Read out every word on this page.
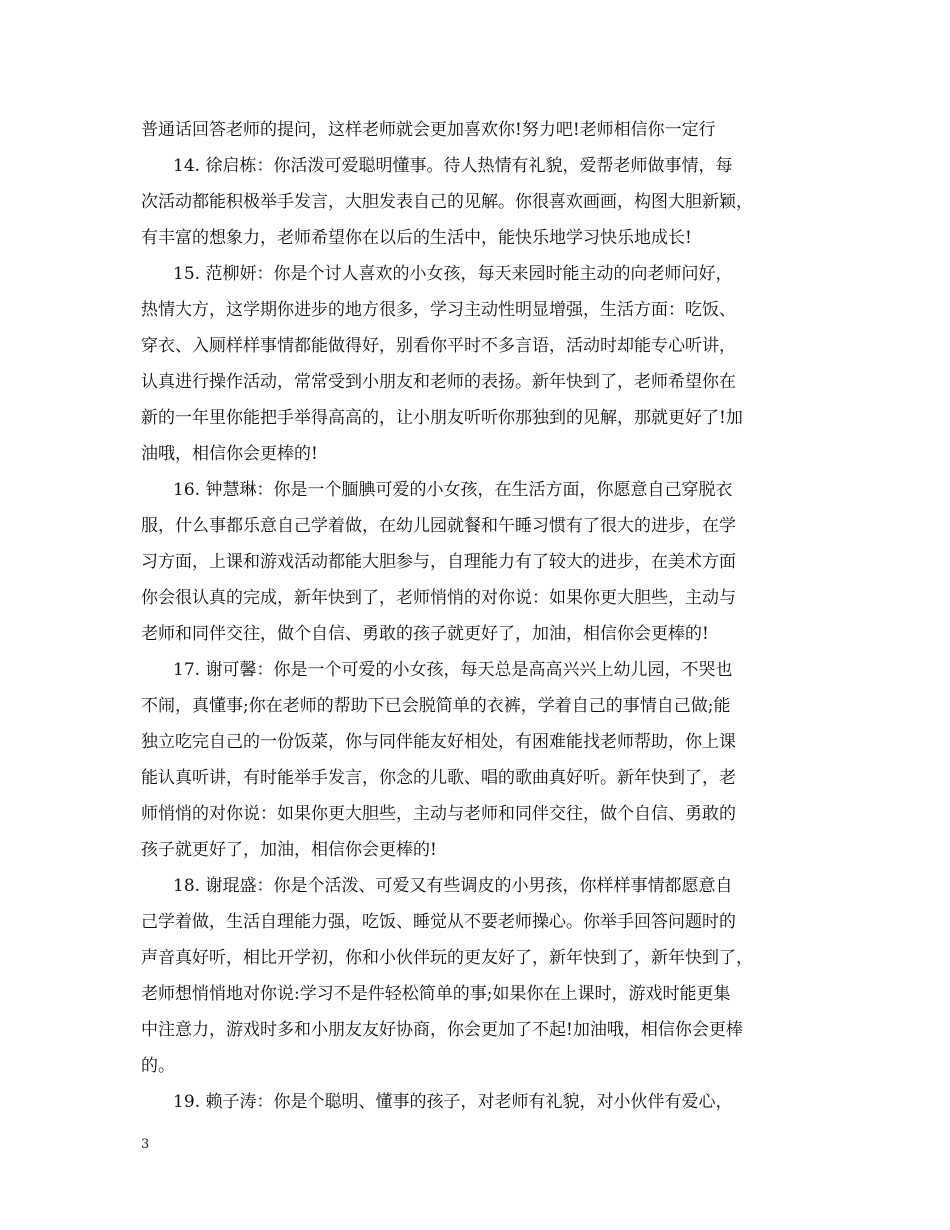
普通话回答老师的提问，这样老师就会更加喜欢你!努力吧!老师相信你一定行
14. 徐启栋：你活泼可爱聪明懂事。待人热情有礼貌，爱帮老师做事情，每
次活动都能积极举手发言，大胆发表自己的见解。你很喜欢画画，构图大胆新颖，
有丰富的想象力，老师希望你在以后的生活中，能快乐地学习快乐地成长!
15. 范柳妍：你是个讨人喜欢的小女孩，每天来园时能主动的向老师问好，
热情大方，这学期你进步的地方很多，学习主动性明显增强，生活方面：吃饭、
穿衣、入厕样样事情都能做得好，别看你平时不多言语，活动时却能专心听讲，
认真进行操作活动，常常受到小朋友和老师的表扬。新年快到了，老师希望你在
新的一年里你能把手举得高高的，让小朋友听听你那独到的见解，那就更好了!加
油哦，相信你会更棒的!
16. 钟慧琳：你是一个腼腆可爱的小女孩，在生活方面，你愿意自己穿脱衣
服，什么事都乐意自己学着做，在幼儿园就餐和午睡习惯有了很大的进步，在学
习方面，上课和游戏活动都能大胆参与，自理能力有了较大的进步，在美术方面
你会很认真的完成，新年快到了，老师悄悄的对你说：如果你更大胆些，主动与
老师和同伴交往，做个自信、勇敢的孩子就更好了，加油，相信你会更棒的!
17. 谢可馨：你是一个可爱的小女孩，每天总是高高兴兴上幼儿园，不哭也
不闹，真懂事;你在老师的帮助下已会脱简单的衣裤，学着自己的事情自己做;能
独立吃完自己的一份饭菜，你与同伴能友好相处，有困难能找老师帮助，你上课
能认真听讲，有时能举手发言，你念的儿歌、唱的歌曲真好听。新年快到了，老
师悄悄的对你说：如果你更大胆些，主动与老师和同伴交往，做个自信、勇敢的
孩子就更好了，加油，相信你会更棒的!
18. 谢琨盛：你是个活泼、可爱又有些调皮的小男孩，你样样事情都愿意自
己学着做，生活自理能力强，吃饭、睡觉从不要老师操心。你举手回答问题时的
声音真好听，相比开学初，你和小伙伴玩的更友好了，新年快到了，新年快到了，
老师想悄悄地对你说:学习不是件轻松简单的事;如果你在上课时，游戏时能更集
中注意力，游戏时多和小朋友友好协商，你会更加了不起!加油哦，相信你会更棒
的。
19. 赖子涛：你是个聪明、懂事的孩子，对老师有礼貌，对小伙伴有爱心，
3
